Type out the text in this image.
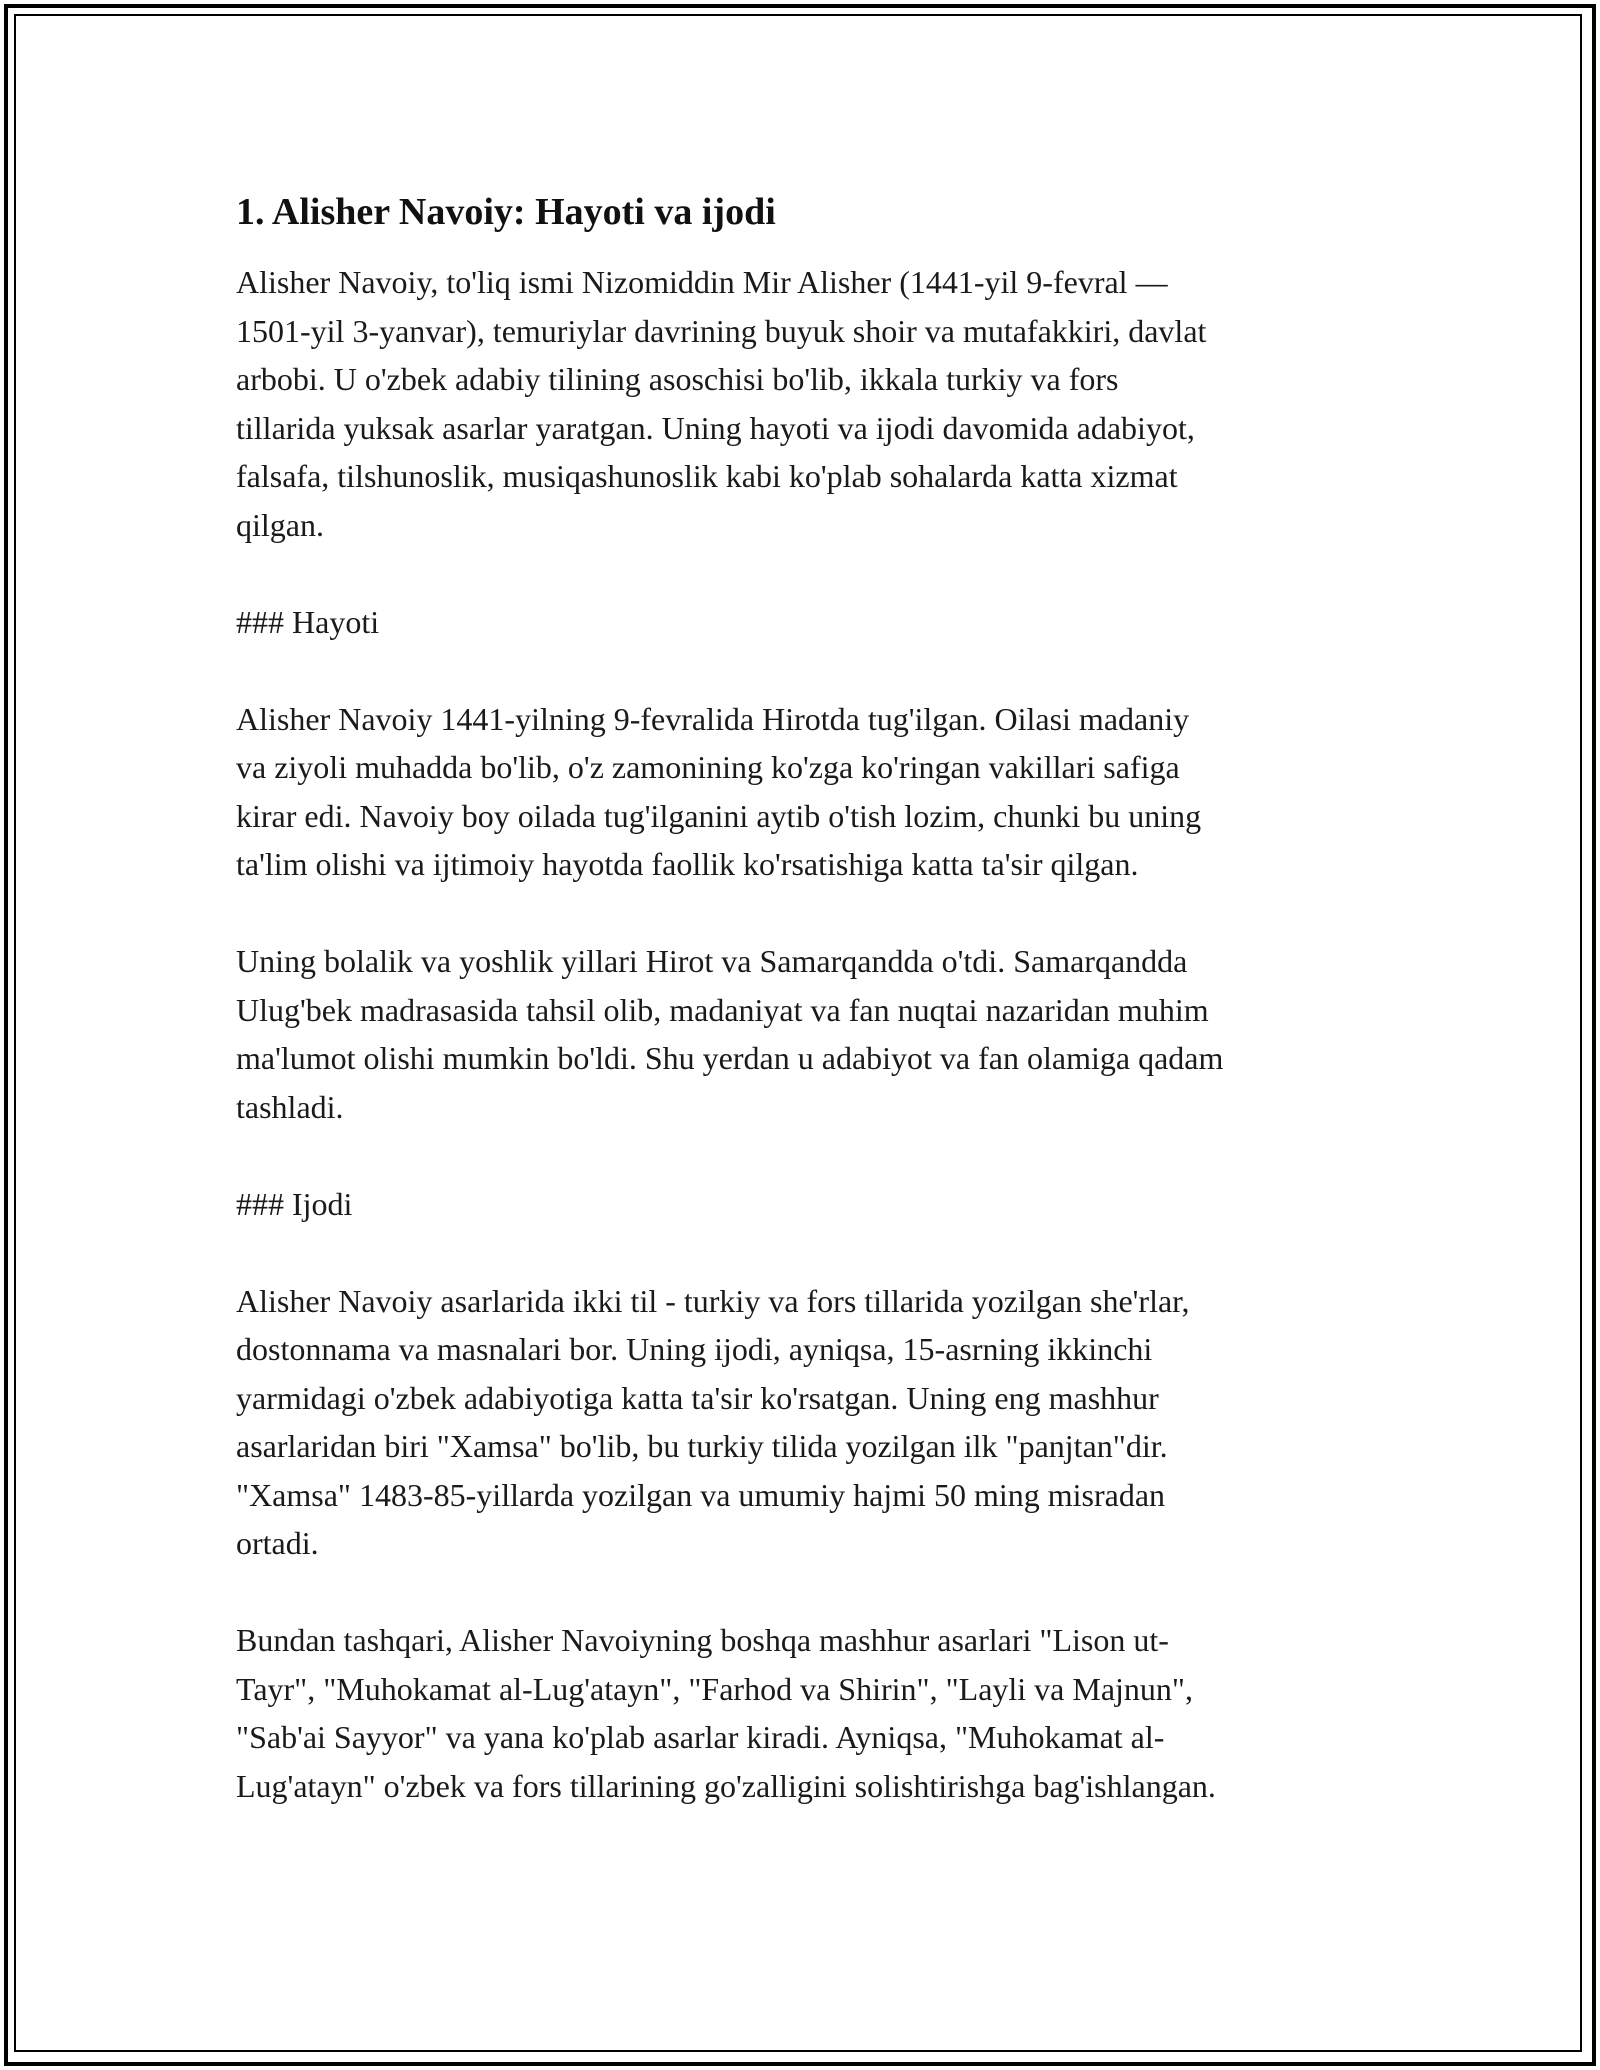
1. Alisher Navoiy: Hayoti va ijodi
Alisher Navoiy, to'liq ismi Nizomiddin Mir Alisher (1441-yil 9-fevral —
1501-yil 3-yanvar), temuriylar davrining buyuk shoir va mutafakkiri, davlat
arbobi. U o'zbek adabiy tilining asoschisi bo'lib, ikkala turkiy va fors
tillarida yuksak asarlar yaratgan. Uning hayoti va ijodi davomida adabiyot,
falsafa, tilshunoslik, musiqashunoslik kabi ko'plab sohalarda katta xizmat
qilgan.
### Hayoti
Alisher Navoiy 1441-yilning 9-fevralida Hirotda tug'ilgan. Oilasi madaniy
va ziyoli muhadda bo'lib, o'z zamonining ko'zga ko'ringan vakillari safiga
kirar edi. Navoiy boy oilada tug'ilganini aytib o'tish lozim, chunki bu uning
ta'lim olishi va ijtimoiy hayotda faollik ko'rsatishiga katta ta'sir qilgan.
Uning bolalik va yoshlik yillari Hirot va Samarqandda o'tdi. Samarqandda
Ulug'bek madrasasida tahsil olib, madaniyat va fan nuqtai nazaridan muhim
ma'lumot olishi mumkin bo'ldi. Shu yerdan u adabiyot va fan olamiga qadam
tashladi.
### Ijodi
Alisher Navoiy asarlarida ikki til - turkiy va fors tillarida yozilgan she'rlar,
dostonnama va masnalari bor. Uning ijodi, ayniqsa, 15-asrning ikkinchi
yarmidagi o'zbek adabiyotiga katta ta'sir ko'rsatgan. Uning eng mashhur
asarlaridan biri "Xamsa" bo'lib, bu turkiy tilida yozilgan ilk "panjtan"dir.
"Xamsa" 1483-85-yillarda yozilgan va umumiy hajmi 50 ming misradan
ortadi.
Bundan tashqari, Alisher Navoiyning boshqa mashhur asarlari "Lison ut-
Tayr", "Muhokamat al-Lug'atayn", "Farhod va Shirin", "Layli va Majnun",
"Sab'ai Sayyor" va yana ko'plab asarlar kiradi. Ayniqsa, "Muhokamat al-
Lug'atayn" o'zbek va fors tillarining go'zalligini solishtirishga bag'ishlangan.
